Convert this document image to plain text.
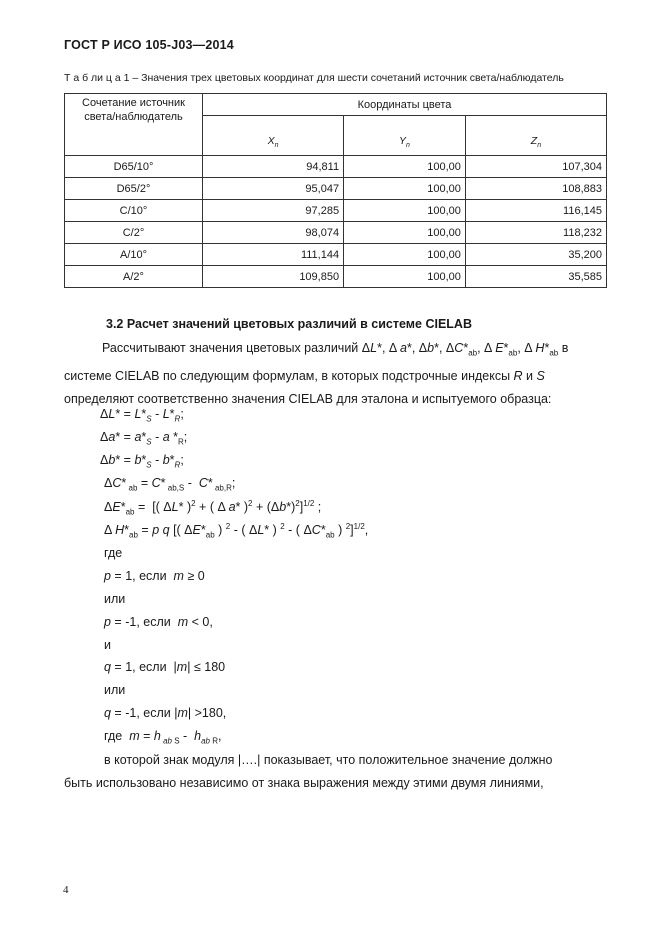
ГОСТ Р ИСО 105-J03—2014
Т а б ли ц а 1 – Значения трех цветовых координат для шести сочетаний источник света/наблюдатель
Сочетание источник света/наблюдатель	Координаты цвета		
	$X_n$	$Y_n$	$Z_n$
D65/10°	94,811	100,00	107,304
D65/2°	95,047	100,00	108,883
C/10°	97,285	100,00	116,145
C/2°	98,074	100,00	118,232
A/10°	111,144	100,00	35,200
A/2°	109,850	100,00	35,585
3.2 Расчет значений цветовых различий в системе CIELAB
Рассчитывают значения цветовых различий ΔL*, Δ a*, Δb*, $\Delta C*_{ab}$, Δ $E*_{ab}$, Δ $H*_{ab}$ в
системе CIELAB по следующим формулам, в которых подстрочные индексы R и S
определяют соответственно значения CIELAB для эталона и испытуемого образца:
$\Delta L* = L*_S - L*_R$;
$\Delta a* = a*_S - a$ $*_R$;
$\Delta b* = b*_S - b*_R$;
ΔC* $_{ab}$ = C* $_{ab,S}$ -  C* $_{ab,R}$;
$\Delta E*_{ab}$ =  [( ΔL* )$^2$ + ( Δ a* )$^2 + (\Delta b*)^2]^{1/2}$ ;
Δ $H*_{ab} = p$ q [( $\Delta E*_{ab}$ ) $^2$ - ( ΔL* ) $^2$ - ( $\Delta C*_{ab}$ ) $^2$]$^{1/2}$,
где
p = 1, если m ≥ 0
или
p = -1, если m < 0,
и
q = 1, если  |m| ≤ 180
или
q = -1, если |m| >180,
где m = h $_{ab S} - h_{ab R}$,
в которой знак модуля |….| показывает, что положительное значение должно
быть использовано независимо от знака выражения между этими двумя линиями,
4
